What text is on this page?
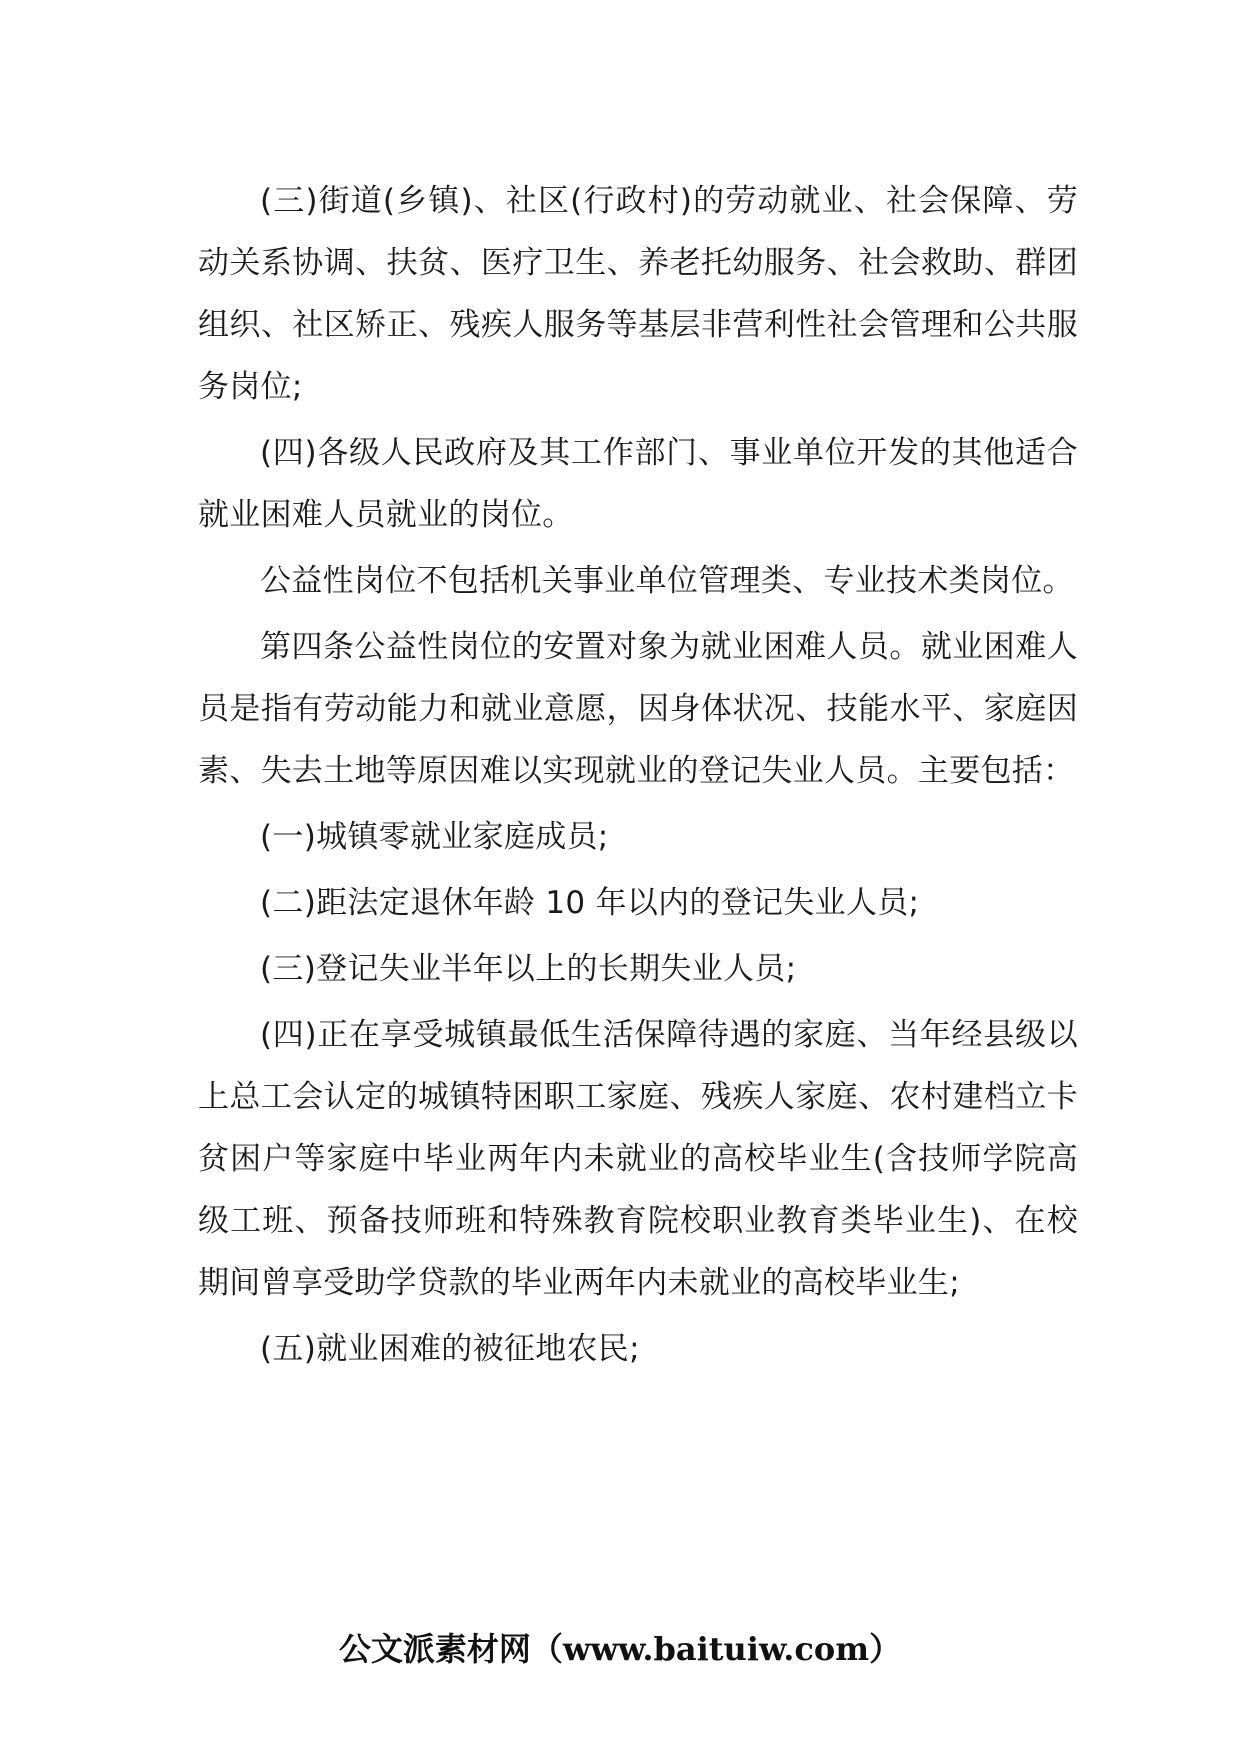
(三)街道(乡镇)、社区(行政村)的劳动就业、社会保障、劳动关系协调、扶贫、医疗卫生、养老托幼服务、社会救助、群团组织、社区矫正、残疾人服务等基层非营利性社会管理和公共服务岗位;

(四)各级人民政府及其工作部门、事业单位开发的其他适合就业困难人员就业的岗位。

公益性岗位不包括机关事业单位管理类、专业技术类岗位。

第四条公益性岗位的安置对象为就业困难人员。就业困难人员是指有劳动能力和就业意愿，因身体状况、技能水平、家庭因素、失去土地等原因难以实现就业的登记失业人员。主要包括：

(一)城镇零就业家庭成员;

(二)距法定退休年龄 10 年以内的登记失业人员;

(三)登记失业半年以上的长期失业人员;

(四)正在享受城镇最低生活保障待遇的家庭、当年经县级以上总工会认定的城镇特困职工家庭、残疾人家庭、农村建档立卡贫困户等家庭中毕业两年内未就业的高校毕业生(含技师学院高级工班、预备技师班和特殊教育院校职业教育类毕业生)、在校期间曾享受助学贷款的毕业两年内未就业的高校毕业生;

(五)就业困难的被征地农民;

公文派素材网（www.baituiw.com）
